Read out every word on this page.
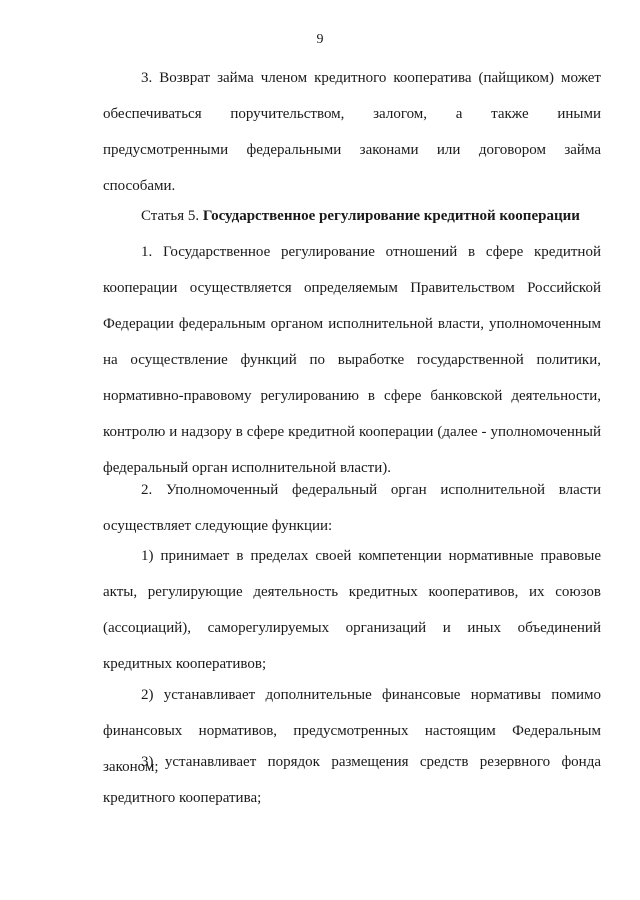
9

3. Возврат займа членом кредитного кооператива (пайщиком) может обеспечиваться поручительством, залогом, а также иными предусмотренными федеральными законами или договором займа способами.

Статья 5. Государственное регулирование кредитной кооперации

1. Государственное регулирование отношений в сфере кредитной кооперации осуществляется определяемым Правительством Российской Федерации федеральным органом исполнительной власти, уполномоченным на осуществление функций по выработке государственной политики, нормативно-правовому регулированию в сфере банковской деятельности, контролю и надзору в сфере кредитной кооперации (далее - уполномоченный федеральный орган исполнительной власти).

2. Уполномоченный федеральный орган исполнительной власти осуществляет следующие функции:

1) принимает в пределах своей компетенции нормативные правовые акты, регулирующие деятельность кредитных кооперативов, их союзов (ассоциаций), саморегулируемых организаций и иных объединений кредитных кооперативов;

2) устанавливает дополнительные финансовые нормативы помимо финансовых нормативов, предусмотренных настоящим Федеральным законом;

3) устанавливает порядок размещения средств резервного фонда кредитного кооператива;
